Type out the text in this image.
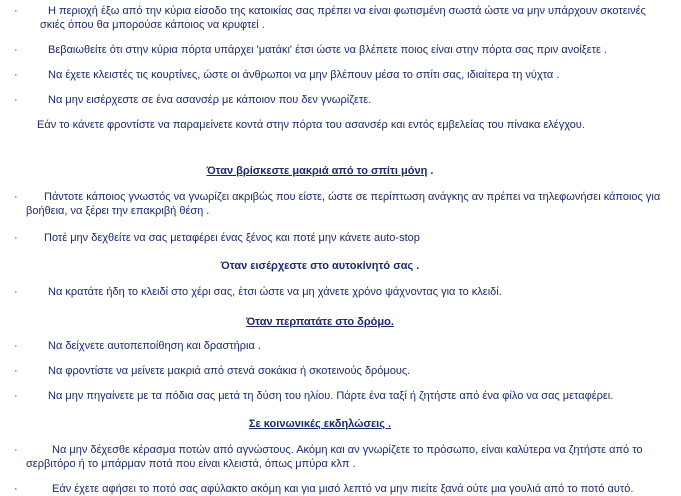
·	Η περιοχή έξω από την κύρια είσοδο της κατοικίας σας πρέπει να είναι φωτισμένη σωστά ώστε να μην υπάρχουν σκοτεινές σκιές όπου θα μπορούσε κάποιος να κρυφτεί .
·	Βεβαιωθείτε ότι στην κύρια πόρτα υπάρχει 'ματάκι' έτσι ώστε να βλέπετε ποιος είναι στην πόρτα σας πριν ανοίξετε .
·	Να έχετε κλειστές τις κουρτίνες, ώστε οι άνθρωποι να μην βλέπουν μέσα το σπίτι σας, ιδιαίτερα τη νύχτα .
·	Να μην εισέρχεστε σε ένα ασανσέρ με κάποιον που δεν γνωρίζετε.
Εάν το κάνετε φροντίστε να παραμείνετε κοντά στην πόρτα του ασανσέρ και εντός εμβελείας του πίνακα ελέγχου.
Όταν βρίσκεστε μακριά από το σπίτι μόνη .
·	Πάντοτε κάποιος γνωστός να γνωρίζει ακριβώς που είστε, ώστε σε περίπτωση ανάγκης αν πρέπει να τηλεφωνήσει κάποιος για βοήθεια, να ξέρει την επακριβή θέση .
·	Ποτέ μην δεχθείτε να σας μεταφέρει ένας ξένος και ποτέ μην κάνετε auto-stop
Όταν εισέρχεστε στο αυτοκίνητό σας .
·	Να κρατάτε ήδη το κλειδί στο χέρι σας, έτσι ώστε να μη χάνετε χρόνο ψάχνοντας για το κλειδί.
Όταν περπατάτε στο δρόμο.
·	Να δείχνετε αυτοπεποίθηση και δραστήρια .
·	Να φροντίστε να μείνετε μακριά από στενά σοκάκια ή σκοτεινούς δρόμους.
·	Να μην πηγαίνετε με τα πόδια σας μετά τη δύση του ηλίου. Πάρτε ένα ταξί ή ζητήστε από ένα φίλο να σας μεταφέρει.
Σε κοινωνικές εκδηλώσεις .
·	Να μην δέχεσθε κέρασμα ποτών από αγνώστους. Ακόμη και αν γνωρίζετε το πρόσωπο, είναι καλύτερα να ζητήστε από το σερβιτόρο ή το μπάρμαν ποτά που είναι κλειστά, όπως μπύρα κλπ .
·	Εάν έχετε αφήσει το ποτό σας αφύλακτο ακόμη και για μισό λεπτό να μην πιείτε ξανά ούτε μια γουλιά από το ποτό αυτό.
